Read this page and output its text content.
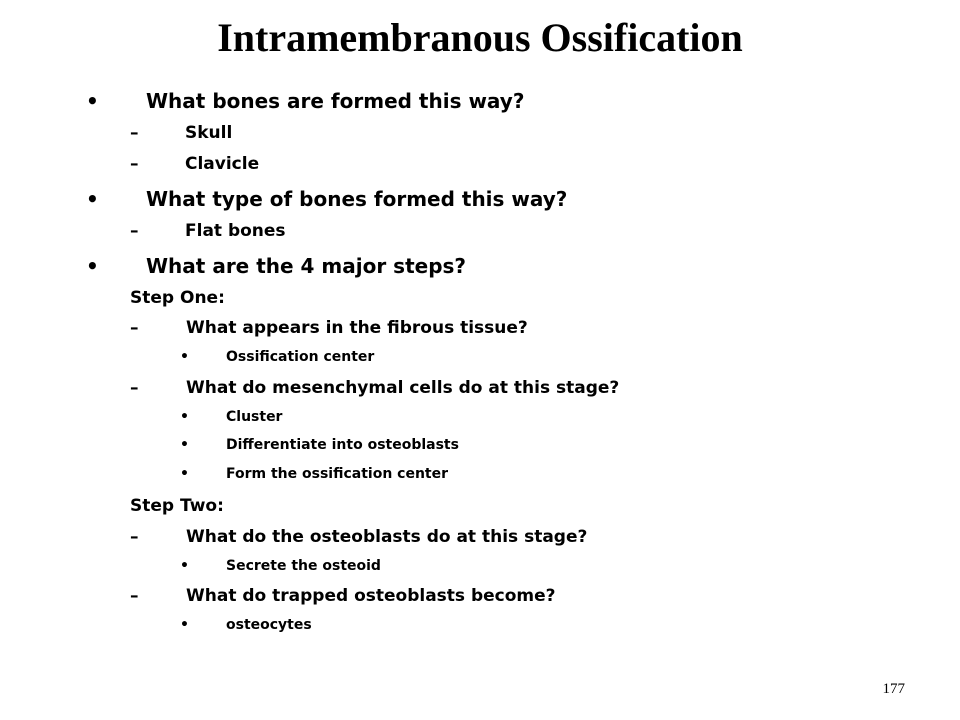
Intramembranous Ossification
• What bones are formed this way?
–	Skull
–	Clavicle
• What type of bones formed this way?
–	Flat bones
• What are the 4 major steps?
Step One:
–	What appears in the fibrous tissue?
•	Ossification center
–	What do mesenchymal cells do at this stage?
•	Cluster
•	Differentiate into osteoblasts
•	Form the ossification center
Step Two:
–	What do the osteoblasts do at this stage?
•	Secrete the osteoid
–	What do trapped osteoblasts become?
•	osteocytes
177
